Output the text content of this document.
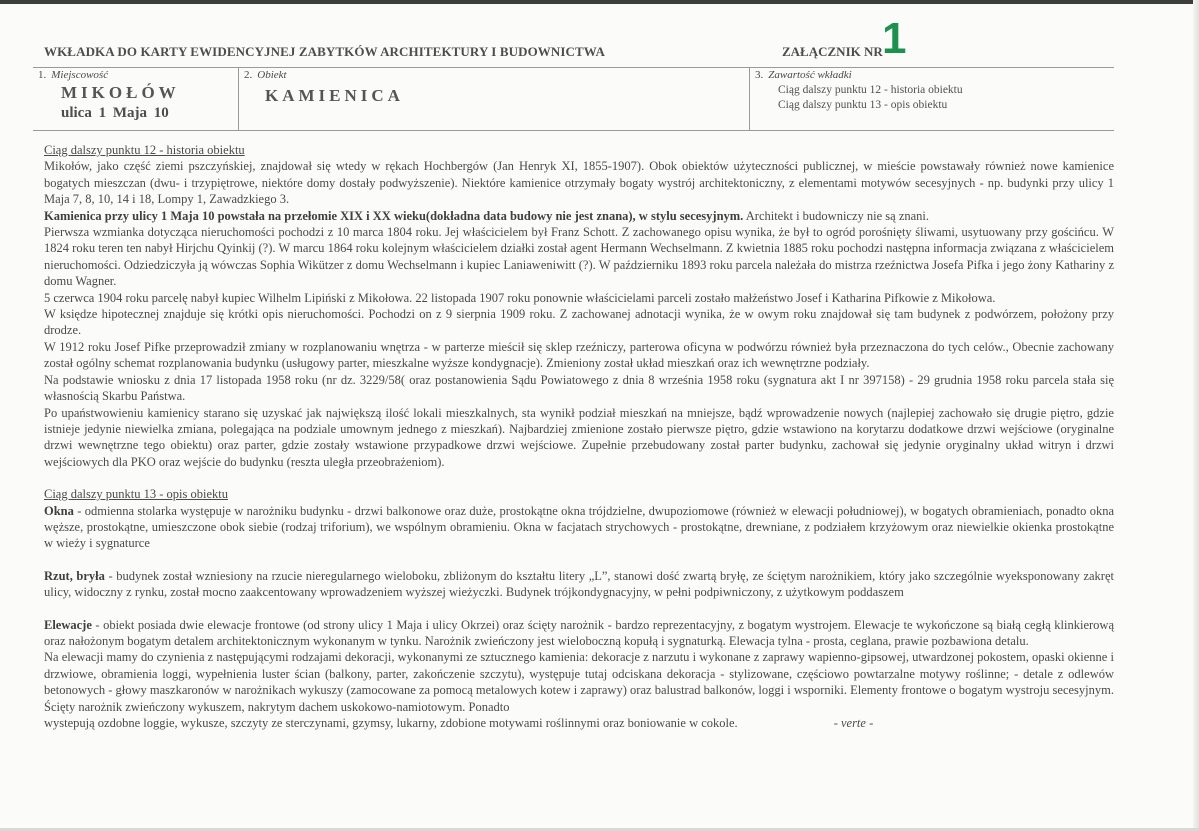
WKŁADKA DO KARTY EWIDENCYJNEJ ZABYTKÓW ARCHITEKTURY I BUDOWNICTWA	ZAŁĄCZNIK NR 1
1. Miejscowość
MIKOŁÓW
ulica 1 Maja 10
2. Obiekt
KAMIENICA
3. Zawartość wkładki
Ciąg dalszy punktu 12 - historia obiektu
Ciąg dalszy punktu 13 - opis obiektu

Ciąg dalszy punktu 12 - historia obiektu

Mikołów, jako część ziemi pszczyńskiej, znajdował się wtedy w rękach Hochbergów (Jan Henryk XI, 1855-1907). Obok obiektów użyteczności publicznej, w mieście powstawały również nowe kamienice bogatych mieszczan (dwu- i trzypiętrowe, niektóre domy dostały podwyższenie). Niektóre kamienice otrzymały bogaty wystrój architektoniczny, z elementami motywów secesyjnych - np. budynki przy ulicy 1 Maja 7, 8, 10, 14 i 18, Lompy 1, Zawadzkiego 3.

Kamienica przy ulicy 1 Maja 10 powstała na przełomie XIX i XX wieku(dokładna data budowy nie jest znana), w stylu secesyjnym. Architekt i budowniczy nie są znani.

Pierwsza wzmianka dotycząca nieruchomości pochodzi z 10 marca 1804 roku. Jej właścicielem był Franz Schott. Z zachowanego opisu wynika, że był to ogród porośnięty śliwami, usytuowany przy gościńcu. W 1824 roku teren ten nabył Hirjchu Qyinkij (?). W marcu 1864 roku kolejnym właścicielem działki został agent Hermann Wechselmann. Z kwietnia 1885 roku pochodzi następna informacja związana z właścicielem nieruchomości. Odziedziczyła ją wówczas Sophia Wikützer z domu Wechselmann i kupiec Laniaweniwitt (?). W październiku 1893 roku parcela należała do mistrza rzeźnictwa Josefa Pifka i jego żony Kathariny z domu Wagner.

5 czerwca 1904 roku parcelę nabył kupiec Wilhelm Lipiński z Mikołowa. 22 listopada 1907 roku ponownie właścicielami parceli zostało małżeństwo Josef i Katharina Pifkowie z Mikołowa.

W księdze hipotecznej znajduje się krótki opis nieruchomości. Pochodzi on z 9 sierpnia 1909 roku. Z zachowanej adnotacji wynika, że w owym roku znajdował się tam budynek z podwórzem, położony przy drodze.

W 1912 roku Josef Pifke przeprowadził zmiany w rozplanowaniu wnętrza - w parterze mieścił się sklep rzeźniczy, parterowa oficyna w podwórzu również była przeznaczona do tych celów., Obecnie zachowany został ogólny schemat rozplanowania budynku (usługowy parter, mieszkalne wyższe kondygnacje). Zmieniony został układ mieszkań oraz ich wewnętrzne podziały.

Na podstawie wniosku z dnia 17 listopada 1958 roku (nr dz. 3229/58( oraz postanowienia Sądu Powiatowego z dnia 8 września 1958 roku (sygnatura akt I nr 397158) - 29 grudnia 1958 roku parcela stała się własnością Skarbu Państwa.

Po upaństwowieniu kamienicy starano się uzyskać jak największą ilość lokali mieszkalnych, sta wynikł podział mieszkań na mniejsze, bądź wprowadzenie nowych (najlepiej zachowało się drugie piętro, gdzie istnieje jedynie niewielka zmiana, polegająca na podziale umownym jednego z mieszkań). Najbardziej zmienione zostało pierwsze piętro, gdzie wstawiono na korytarzu dodatkowe drzwi wejściowe (oryginalne drzwi wewnętrzne tego obiektu) oraz parter, gdzie zostały wstawione przypadkowe drzwi wejściowe. Zupełnie przebudowany został parter budynku, zachował się jedynie oryginalny układ witryn i drzwi wejściowych dla PKO oraz wejście do budynku (reszta uległa przeobrażeniom).

Ciąg dalszy punktu 13 - opis obiektu

Okna - odmienna stolarka występuje w narożniku budynku - drzwi balkonowe oraz duże, prostokątne okna trójdzielne, dwupoziomowe (również w elewacji południowej), w bogatych obramieniach, ponadto okna węższe, prostokątne, umieszczone obok siebie (rodzaj triforium), we wspólnym obramieniu. Okna w facjatach strychowych - prostokątne, drewniane, z podziałem krzyżowym oraz niewielkie okienka prostokątne w wieży i sygnaturce

Rzut, bryła - budynek został wzniesiony na rzucie nieregularnego wieloboku, zbliżonym do kształtu litery „L”, stanowi dość zwartą bryłę, ze ściętym narożnikiem, który jako szczególnie wyeksponowany zakręt ulicy, widoczny z rynku, został mocno zaakcentowany wprowadzeniem wyższej wieżyczki. Budynek trójkondygnacyjny, w pełni podpiwniczony, z użytkowym poddaszem

Elewacje - obiekt posiada dwie elewacje frontowe (od strony ulicy 1 Maja i ulicy Okrzei) oraz ścięty narożnik - bardzo reprezentacyjny, z bogatym wystrojem. Elewacje te wykończone są białą cegłą klinkierową oraz nałożonym bogatym detalem architektonicznym wykonanym w tynku. Narożnik zwieńczony jest wieloboczną kopułą i sygnaturką. Elewacja tylna - prosta, ceglana, prawie pozbawiona detalu.

Na elewacji mamy do czynienia z następującymi rodzajami dekoracji, wykonanymi ze sztucznego kamienia: dekoracje z narzutu i wykonane z zaprawy wapienno-gipsowej, utwardzonej pokostem, opaski okienne i drzwiowe, obramienia loggi, wypełnienia luster ścian (balkony, parter, zakończenie szczytu), występuje tutaj odciskana dekoracja - stylizowane, częściowo powtarzalne motywy roślinne; - detale z odlewów betonowych - głowy maszkaronów w narożnikach wykuszy (zamocowane za pomocą metalowych kotew i zaprawy) oraz balustrad balkonów, loggi i wsporniki. Elementy frontowe o bogatym wystroju secesyjnym. Ścięty narożnik zwieńczony wykuszem, nakrytym dachem uskokowo-namiotowym. Ponadto

wystepują ozdobne loggie, wykusze, szczyty ze sterczynami, gzymsy, lukarny, zdobione motywami roślinnymi oraz boniowanie w cokole.	- verte -
